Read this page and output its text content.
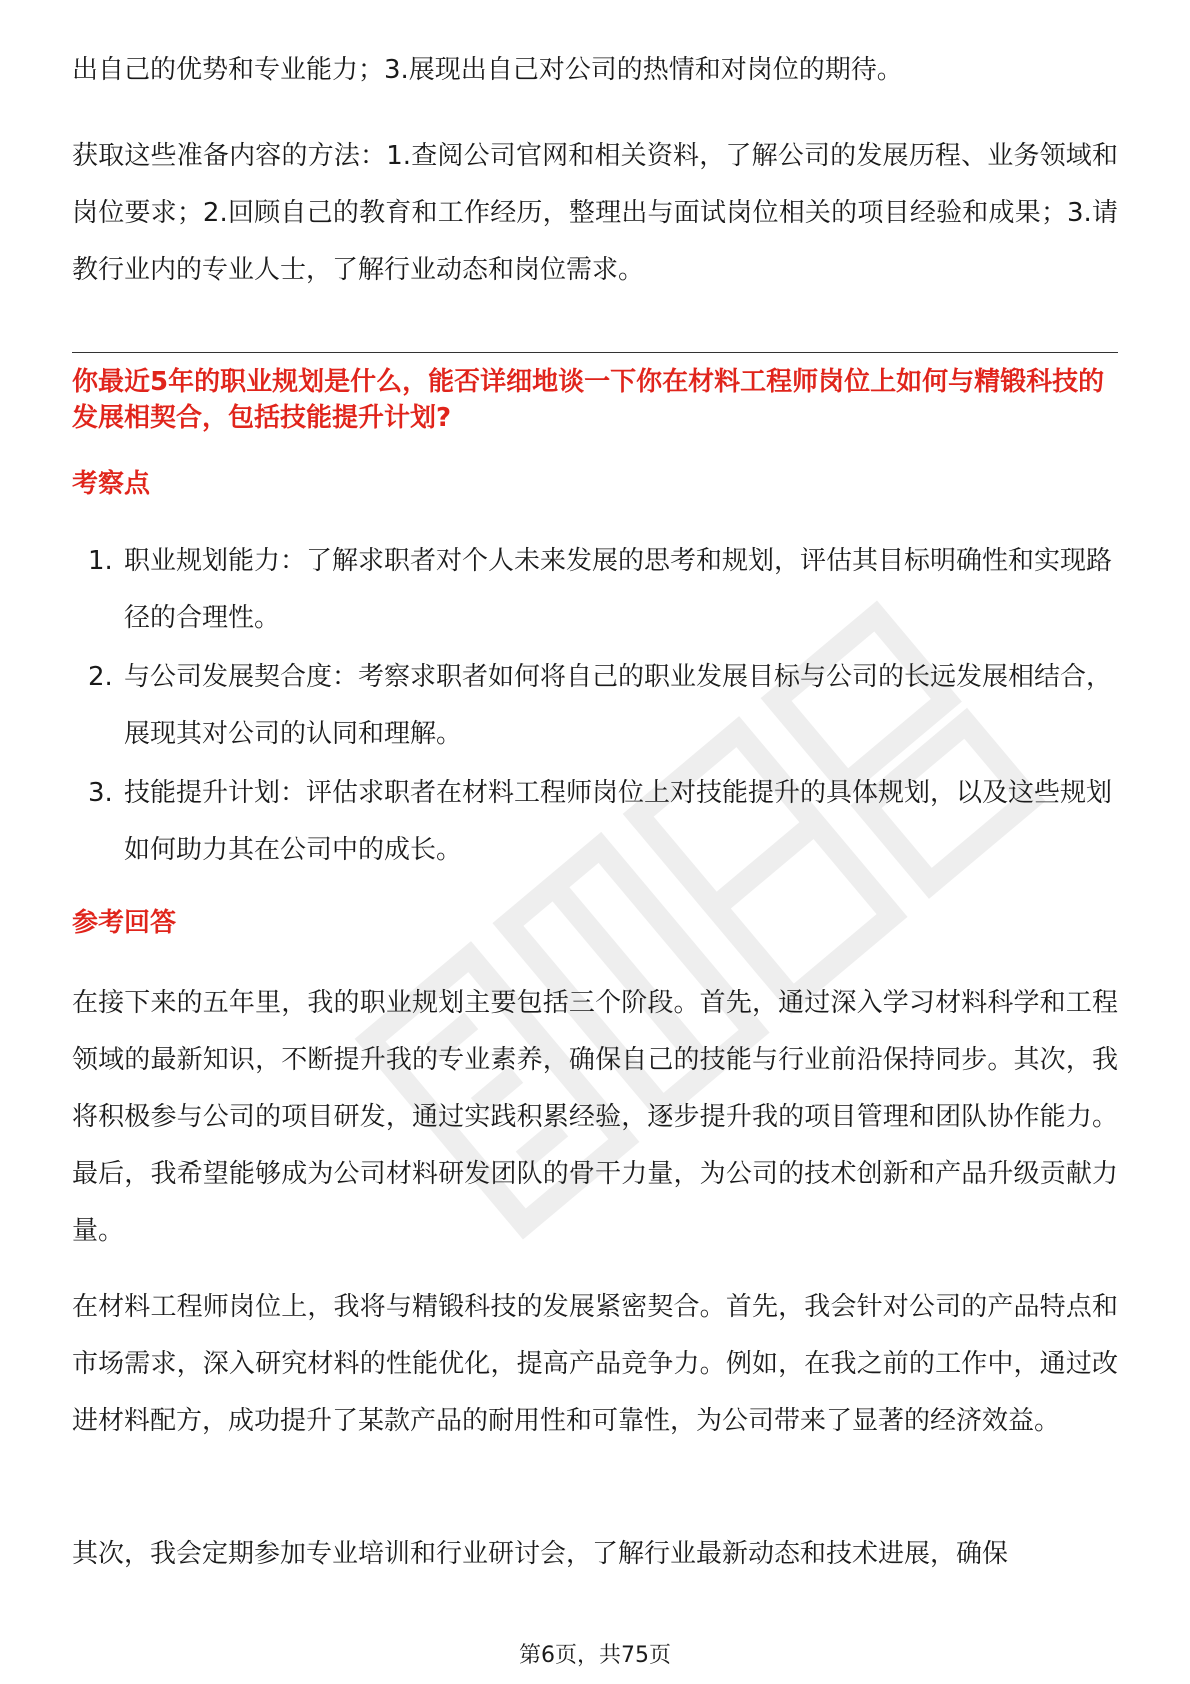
出自己的优势和专业能力；3.展现出自己对公司的热情和对岗位的期待。

获取这些准备内容的方法：1.查阅公司官网和相关资料，了解公司的发展历程、业务领域和岗位要求；2.回顾自己的教育和工作经历，整理出与面试岗位相关的项目经验和成果；3.请教行业内的专业人士，了解行业动态和岗位需求。

你最近5年的职业规划是什么，能否详细地谈一下你在材料工程师岗位上如何与精锻科技的发展相契合，包括技能提升计划?

考察点

1. 职业规划能力：了解求职者对个人未来发展的思考和规划，评估其目标明确性和实现路径的合理性。
2. 与公司发展契合度：考察求职者如何将自己的职业发展目标与公司的长远发展相结合，展现其对公司的认同和理解。
3. 技能提升计划：评估求职者在材料工程师岗位上对技能提升的具体规划，以及这些规划如何助力其在公司中的成长。

参考回答

在接下来的五年里，我的职业规划主要包括三个阶段。首先，通过深入学习材料科学和工程领域的最新知识，不断提升我的专业素养，确保自己的技能与行业前沿保持同步。其次，我将积极参与公司的项目研发，通过实践积累经验，逐步提升我的项目管理和团队协作能力。最后，我希望能够成为公司材料研发团队的骨干力量，为公司的技术创新和产品升级贡献力量。

在材料工程师岗位上，我将与精锻科技的发展紧密契合。首先，我会针对公司的产品特点和市场需求，深入研究材料的性能优化，提高产品竞争力。例如，在我之前的工作中，通过改进材料配方，成功提升了某款产品的耐用性和可靠性，为公司带来了显著的经济效益。

其次，我会定期参加专业培训和行业研讨会，了解行业最新动态和技术进展，确保

第6页，共75页
